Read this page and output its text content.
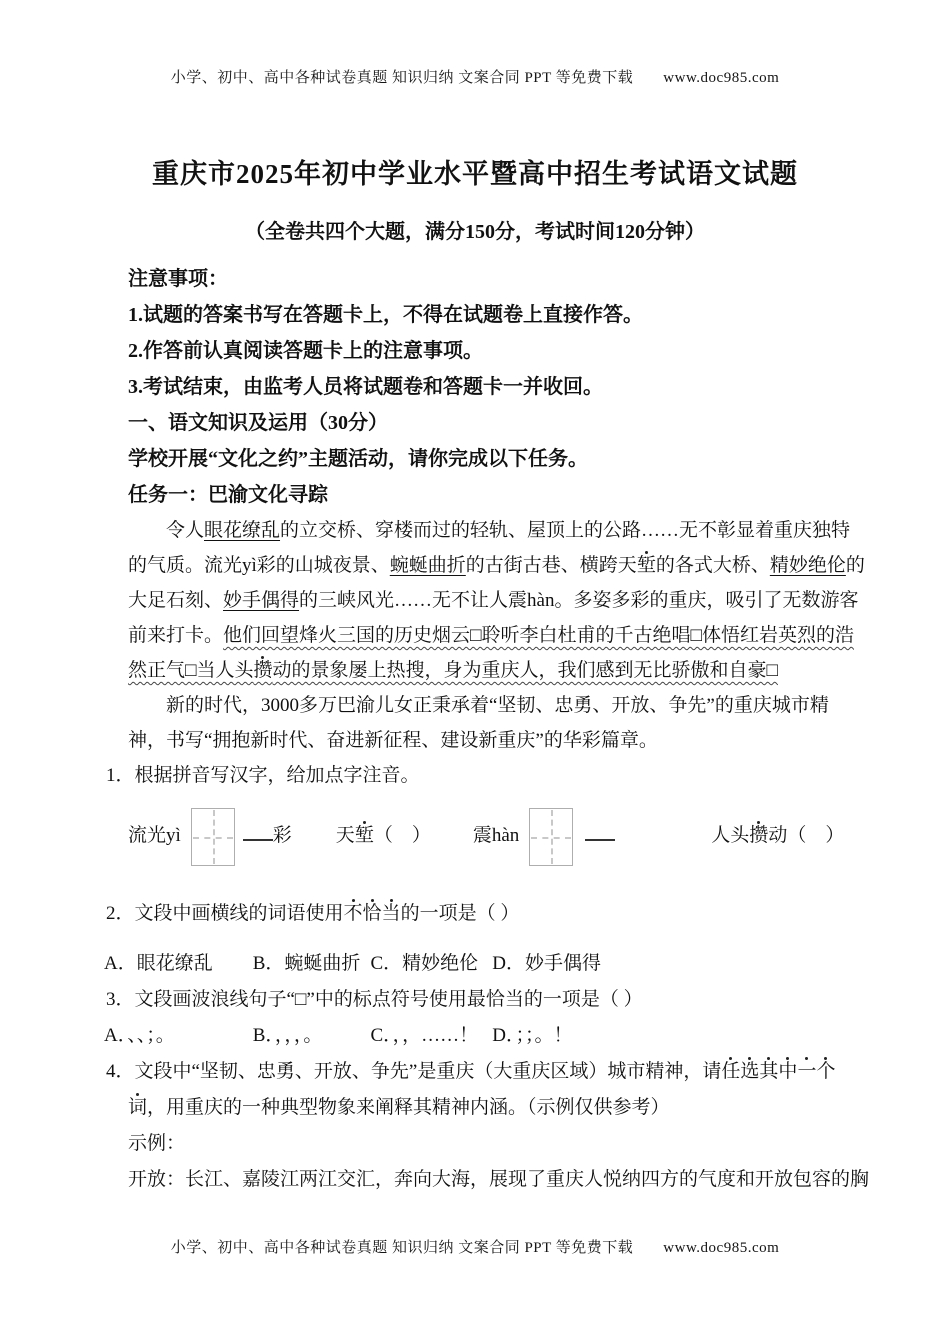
小学、初中、高中各种试卷真题 知识归纳 文案合同 PPT 等免费下载 www.doc985.com
重庆市2025年初中学业水平暨高中招生考试语文试题
（全卷共四个大题，满分150分，考试时间120分钟）
注意事项：
1.试题的答案书写在答题卡上，不得在试题卷上直接作答。
2.作答前认真阅读答题卡上的注意事项。
3.考试结束，由监考人员将试题卷和答题卡一并收回。
一、语文知识及运用（30分）
学校开展“文化之约”主题活动，请你完成以下任务。
任务一：巴渝文化寻踪
令人眼花缭乱的立交桥、穿楼而过的轻轨、屋顶上的公路……无不彰显着重庆独特
的气质。流光yì彩的山城夜景、蜿蜒曲折的古街古巷、横跨天堑的各式大桥、精妙绝伦的
大足石刻、妙手偶得的三峡风光……无不让人震hàn。多姿多彩的重庆，吸引了无数游客
前来打卡。他们回望烽火三国的历史烟云□聆听李白杜甫的千古绝唱□体悟红岩英烈的浩
然正气□当人头攒动的景象屡上热搜，身为重庆人，我们感到无比骄傲和自豪□
新的时代，3000多万巴渝儿女正秉承着“坚韧、忠勇、开放、争先”的重庆城市精
神，书写“拥抱新时代、奋进新征程、建设新重庆”的华彩篇章。
1．根据拼音写汉字，给加点字注音。
流光yì	彩 天堑（　） 震hàn	人头攒动（　）
2．文段中画横线的词语使用不恰当的一项是（ ）
A．眼花缭乱 B．蜿蜒曲折 C．精妙绝伦 D．妙手偶得
3．文段画波浪线句子“□”中的标点符号使用最恰当的一项是（ ）
A．、、；。	B．，，，。	C．，，……！ D．；；。！
4．文段中“坚韧、忠勇、开放、争先”是重庆（大重庆区域）城市精神，请任选其中一个
词，用重庆的一种典型物象来阐释其精神内涵。（示例仅供参考）
示例：
开放：长江、嘉陵江两江交汇，奔向大海，展现了重庆人悦纳四方的气度和开放包容的胸
小学、初中、高中各种试卷真题 知识归纳 文案合同 PPT 等免费下载 www.doc985.com
